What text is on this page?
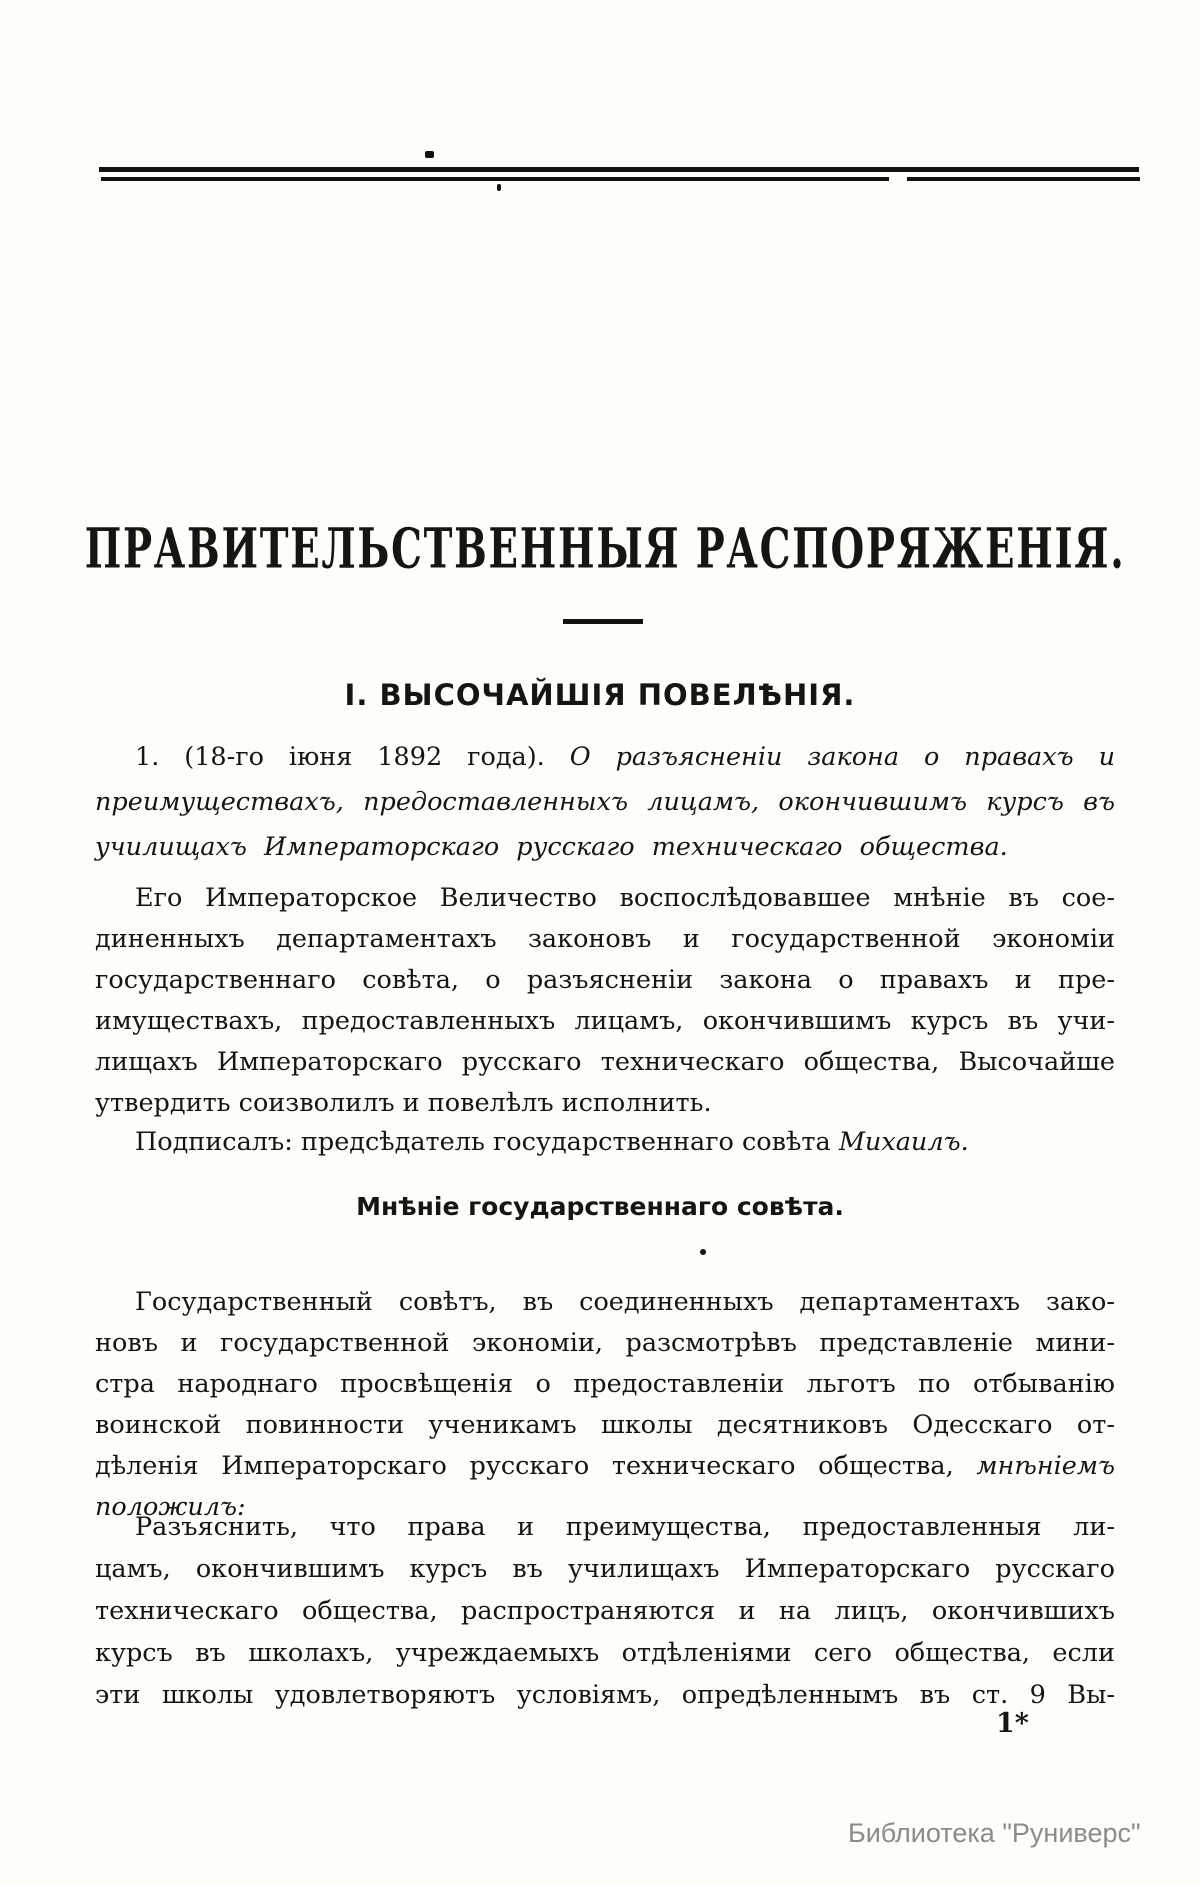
ПРАВИТЕЛЬСТВЕННЫЯ РАСПОРЯЖЕНІЯ.
І. ВЫСОЧАЙШІЯ ПОВЕЛѢНІЯ.
1. (18-го іюня 1892 года). О разъясненіи закона о правахъ и
преимуществахъ, предоставленныхъ лицамъ, окончившимъ курсъ въ
училищахъ Императорскаго русскаго техническаго общества.
Его Императорское Величество воспослѣдовавшее мнѣніе въ сое-
диненныхъ департаментахъ законовъ и государственной экономіи
государственнаго совѣта, о разъясненіи закона о правахъ и пре-
имуществахъ, предоставленныхъ лицамъ, окончившимъ курсъ въ учи-
лищахъ Императорскаго русскаго техническаго общества, Высочайше
утвердить соизволилъ и повелѣлъ исполнить.
Подписалъ: предсѣдатель государственнаго совѣта Михаилъ.
Мнѣніе государственнаго совѣта.
Государственный совѣтъ, въ соединенныхъ департаментахъ зако-
новъ и государственной экономіи, разсмотрѣвъ представленіе мини-
стра народнаго просвѣщенія о предоставленіи льготъ по отбыванію
воинской повинности ученикамъ школы десятниковъ Одесскаго от-
дѣленія Императорскаго русскаго техническаго общества, мнѣніемъ
положилъ:
Разъяснить, что права и преимущества, предоставленныя ли-
цамъ, окончившимъ курсъ въ училищахъ Императорскаго русскаго
техническаго общества, распространяются и на лицъ, окончившихъ
курсъ въ школахъ, учреждаемыхъ отдѣленіями сего общества, если
эти школы удовлетворяютъ условіямъ, опредѣленнымъ въ ст. 9 Вы-
1*
Библиотека "Руниверс"
